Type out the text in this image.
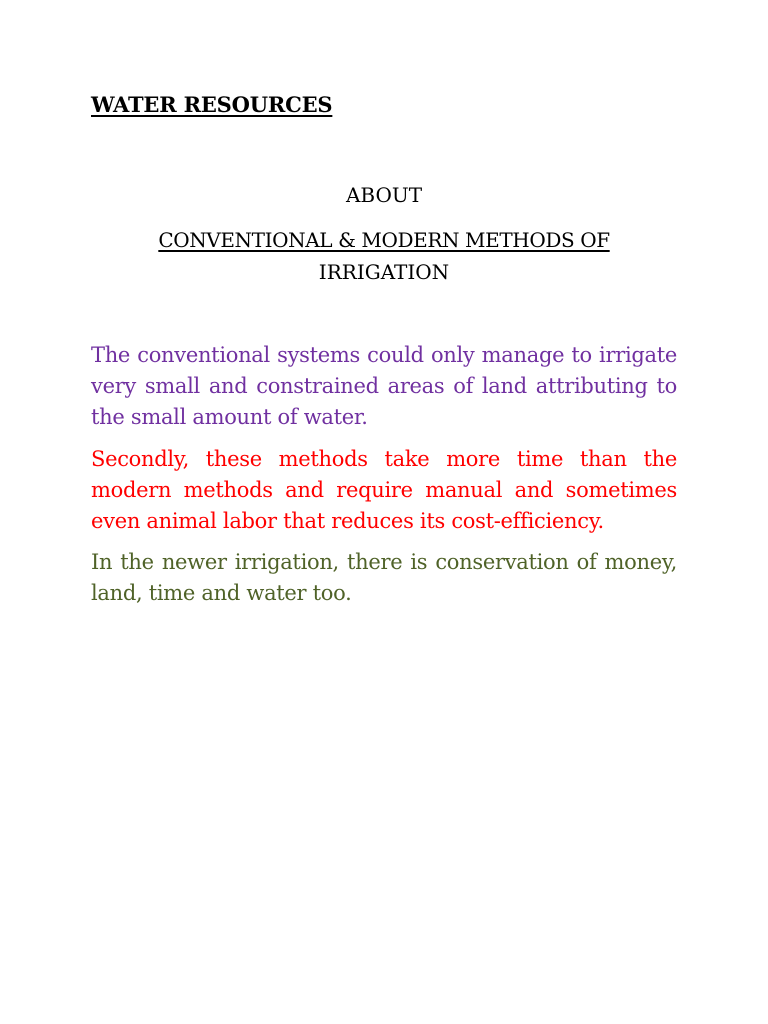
WATER RESOURCES
ABOUT
CONVENTIONAL & MODERN METHODS OF
IRRIGATION

The conventional systems could only manage to irrigate very small and constrained areas of land attributing to the small amount of water.

Secondly, these methods take more time than the modern methods and require manual and sometimes even animal labor that reduces its cost-efficiency.

In the newer irrigation, there is conservation of money, land, time and water too.
